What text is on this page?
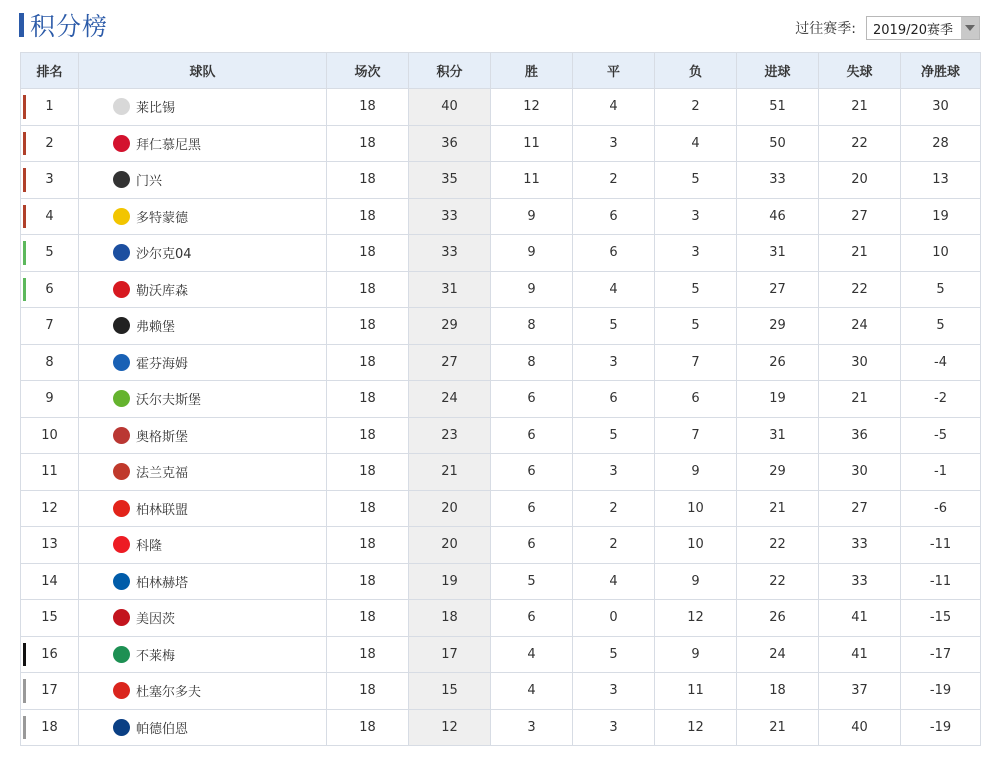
积分榜	过往赛季:	2019/20赛季
排名	球队	场次	积分	胜	平	负	进球	失球	净胜球

1	莱比锡	18	40	12	4	2	51	21	30

2	拜仁慕尼黑	18	36	11	3	4	50	22	28

3	门兴	18	35	11	2	5	33	20	13

4	多特蒙德	18	33	9	6	3	46	27	19

5	沙尔克04	18	33	9	6	3	31	21	10

6	勒沃库森	18	31	9	4	5	27	22	5
7	弗赖堡	18	29	8	5	5	29	24	5
8	霍芬海姆	18	27	8	3	7	26	30	-4
9	沃尔夫斯堡	18	24	6	6	6	19	21	-2
10	奥格斯堡	18	23	6	5	7	31	36	-5
11	法兰克福	18	21	6	3	9	29	30	-1
12	柏林联盟	18	20	6	2	10	21	27	-6
13	科隆	18	20	6	2	10	22	33	-11
14	柏林赫塔	18	19	5	4	9	22	33	-11
15	美因茨	18	18	6	0	12	26	41	-15

16	不莱梅	18	17	4	5	9	24	41	-17

17	杜塞尔多夫	18	15	4	3	11	18	37	-19

18	帕德伯恩	18	12	3	3	12	21	40	-19
